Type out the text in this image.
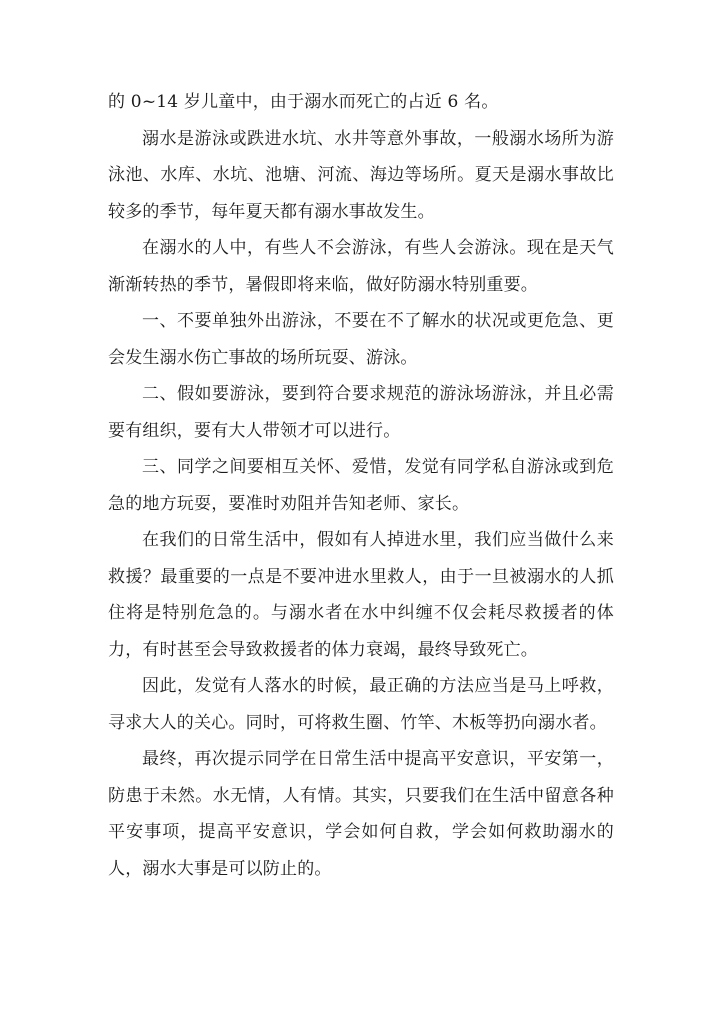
的 0~14 岁儿童中，由于溺水而死亡的占近 6 名。

溺水是游泳或跌进水坑、水井等意外事故，一般溺水场所为游泳池、水库、水坑、池塘、河流、海边等场所。夏天是溺水事故比较多的季节，每年夏天都有溺水事故发生。

在溺水的人中，有些人不会游泳，有些人会游泳。现在是天气渐渐转热的季节，暑假即将来临，做好防溺水特别重要。

一、不要单独外出游泳，不要在不了解水的状况或更危急、更会发生溺水伤亡事故的场所玩耍、游泳。

二、假如要游泳，要到符合要求规范的游泳场游泳，并且必需要有组织，要有大人带领才可以进行。

三、同学之间要相互关怀、爱惜，发觉有同学私自游泳或到危急的地方玩耍，要准时劝阻并告知老师、家长。

在我们的日常生活中，假如有人掉进水里，我们应当做什么来救援？最重要的一点是不要冲进水里救人，由于一旦被溺水的人抓住将是特别危急的。与溺水者在水中纠缠不仅会耗尽救援者的体力，有时甚至会导致救援者的体力衰竭，最终导致死亡。

因此，发觉有人落水的时候，最正确的方法应当是马上呼救，寻求大人的关心。同时，可将救生圈、竹竿、木板等扔向溺水者。

最终，再次提示同学在日常生活中提高平安意识，平安第一，防患于未然。水无情，人有情。其实，只要我们在生活中留意各种平安事项，提高平安意识，学会如何自救，学会如何救助溺水的人，溺水大事是可以防止的。
